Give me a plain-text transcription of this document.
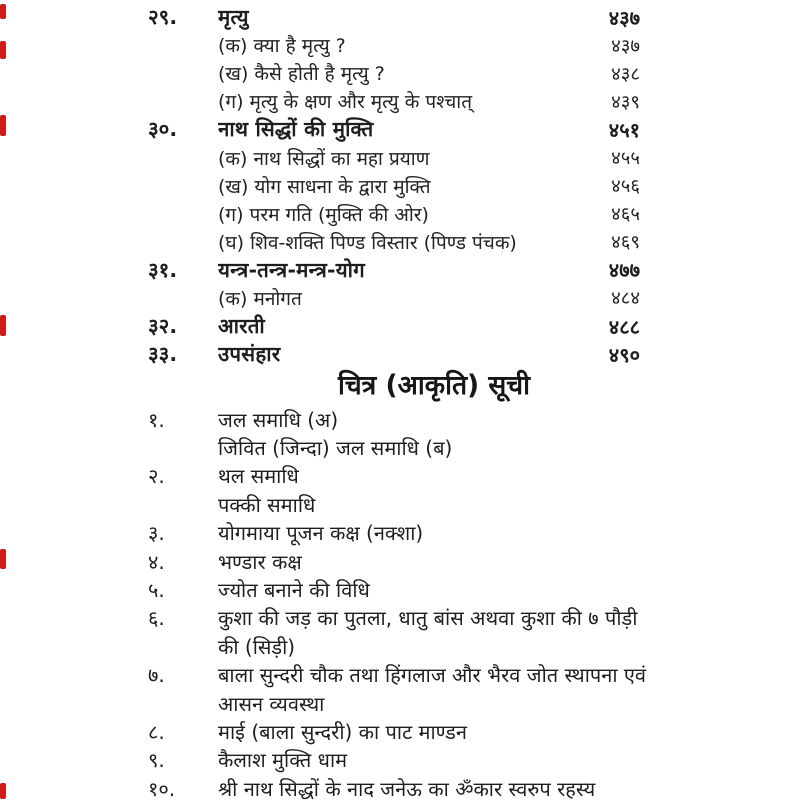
२९.	मृत्यु	४३७
(क) क्या है मृत्यु ?	४३७
(ख) कैसे होती है मृत्यु ?	४३८
(ग) मृत्यु के क्षण और मृत्यु के पश्चात्	४३९
३०.	नाथ सिद्धों की मुक्ति	४५१
(क) नाथ सिद्धों का महा प्रयाण	४५५
(ख) योग साधना के द्वारा मुक्ति	४५६
(ग) परम गति (मुक्ति की ओर)	४६५
(घ) शिव-शक्ति पिण्ड विस्तार (पिण्ड पंचक)	४६९
३१.	यन्त्र-तन्त्र-मन्त्र-योग	४७७
(क) मनोगत	४८४
३२.	आरती	४८८
३३.	उपसंहार	४९०
चित्र (आकृति) सूची
१.	जल समाधि (अ)
जिवित (जिन्दा) जल समाधि (ब)
२.	थल समाधि
पक्की समाधि
३.	योगमाया पूजन कक्ष (नक्शा)
४.	भण्डार कक्ष
५.	ज्योत बनाने की विधि
६.	कुशा की जड़ का पुतला, धातु बांस अथवा कुशा की ७ पौड़ी
की (सिड़ी)
७.	बाला सुन्दरी चौक तथा हिंगलाज और भैरव जोत स्थापना एवं
आसन व्यवस्था
८.	माई (बाला सुन्दरी) का पाट माण्डन
९.	कैलाश मुक्ति धाम
१०.	श्री नाथ सिद्धों के नाद जनेऊ का ॐकार स्वरुप रहस्य
